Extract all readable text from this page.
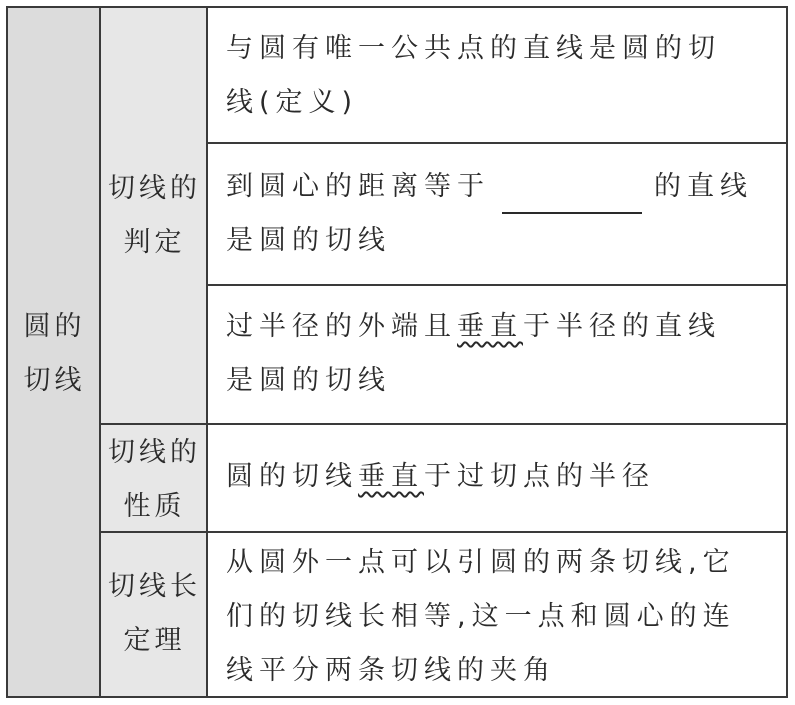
圆的
切线
切线的
判定
切线的
性质
切线长
定理
与圆有唯一公共点的直线是圆的切
线(定义)
到圆心的距离等于	的直线
是圆的切线
过半径的外端且垂直于半径的直线
是圆的切线
圆的切线垂直于过切点的半径
从圆外一点可以引圆的两条切线,它
们的切线长相等,这一点和圆心的连
线平分两条切线的夹角
